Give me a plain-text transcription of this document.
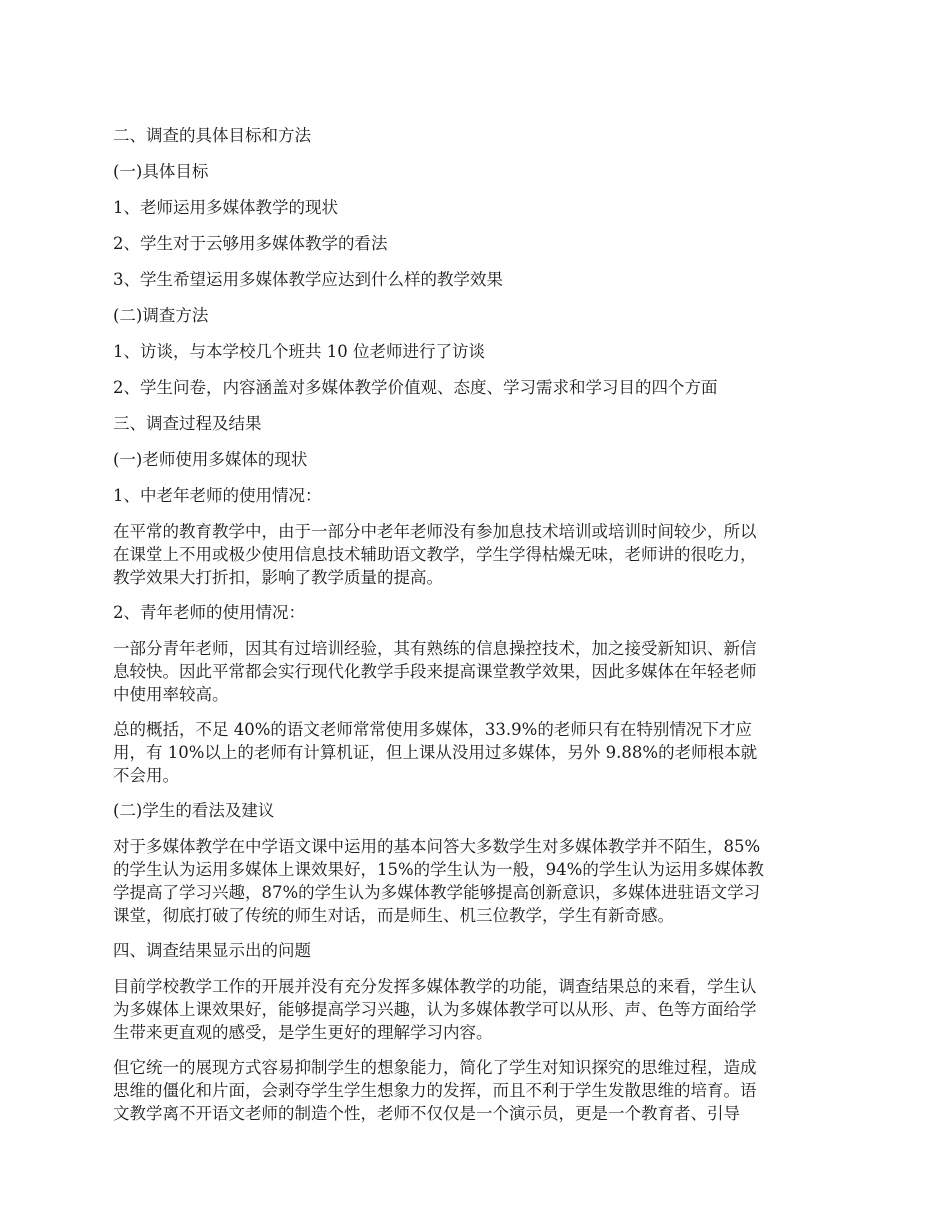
二、调查的具体目标和方法
(一)具体目标
1、老师运用多媒体教学的现状
2、学生对于云够用多媒体教学的看法
3、学生希望运用多媒体教学应达到什么样的教学效果
(二)调查方法
1、访谈，与本学校几个班共 10 位老师进行了访谈
2、学生问卷，内容涵盖对多媒体教学价值观、态度、学习需求和学习目的四个方面
三、调查过程及结果
(一)老师使用多媒体的现状
1、中老年老师的使用情况：
在平常的教育教学中，由于一部分中老年老师没有参加息技术培训或培训时间较少，所以
在课堂上不用或极少使用信息技术辅助语文教学，学生学得枯燥无味，老师讲的很吃力，
教学效果大打折扣，影响了教学质量的提高。
2、青年老师的使用情况：
一部分青年老师，因其有过培训经验，其有熟练的信息操控技术，加之接受新知识、新信
息较快。因此平常都会实行现代化教学手段来提高课堂教学效果，因此多媒体在年轻老师
中使用率较高。
总的概括，不足 40%的语文老师常常使用多媒体，33.9%的老师只有在特别情况下才应
用，有 10%以上的老师有计算机证，但上课从没用过多媒体，另外 9.88%的老师根本就
不会用。
(二)学生的看法及建议
对于多媒体教学在中学语文课中运用的基本问答大多数学生对多媒体教学并不陌生，85%
的学生认为运用多媒体上课效果好，15%的学生认为一般，94%的学生认为运用多媒体教
学提高了学习兴趣，87%的学生认为多媒体教学能够提高创新意识，多媒体进驻语文学习
课堂，彻底打破了传统的师生对话，而是师生、机三位教学，学生有新奇感。
四、调查结果显示出的问题
目前学校教学工作的开展并没有充分发挥多媒体教学的功能，调查结果总的来看，学生认
为多媒体上课效果好，能够提高学习兴趣，认为多媒体教学可以从形、声、色等方面给学
生带来更直观的感受，是学生更好的理解学习内容。
但它统一的展现方式容易抑制学生的想象能力，简化了学生对知识探究的思维过程，造成
思维的僵化和片面，会剥夺学生学生想象力的发挥，而且不利于学生发散思维的培育。语
文教学离不开语文老师的制造个性，老师不仅仅是一个演示员，更是一个教育者、引导
